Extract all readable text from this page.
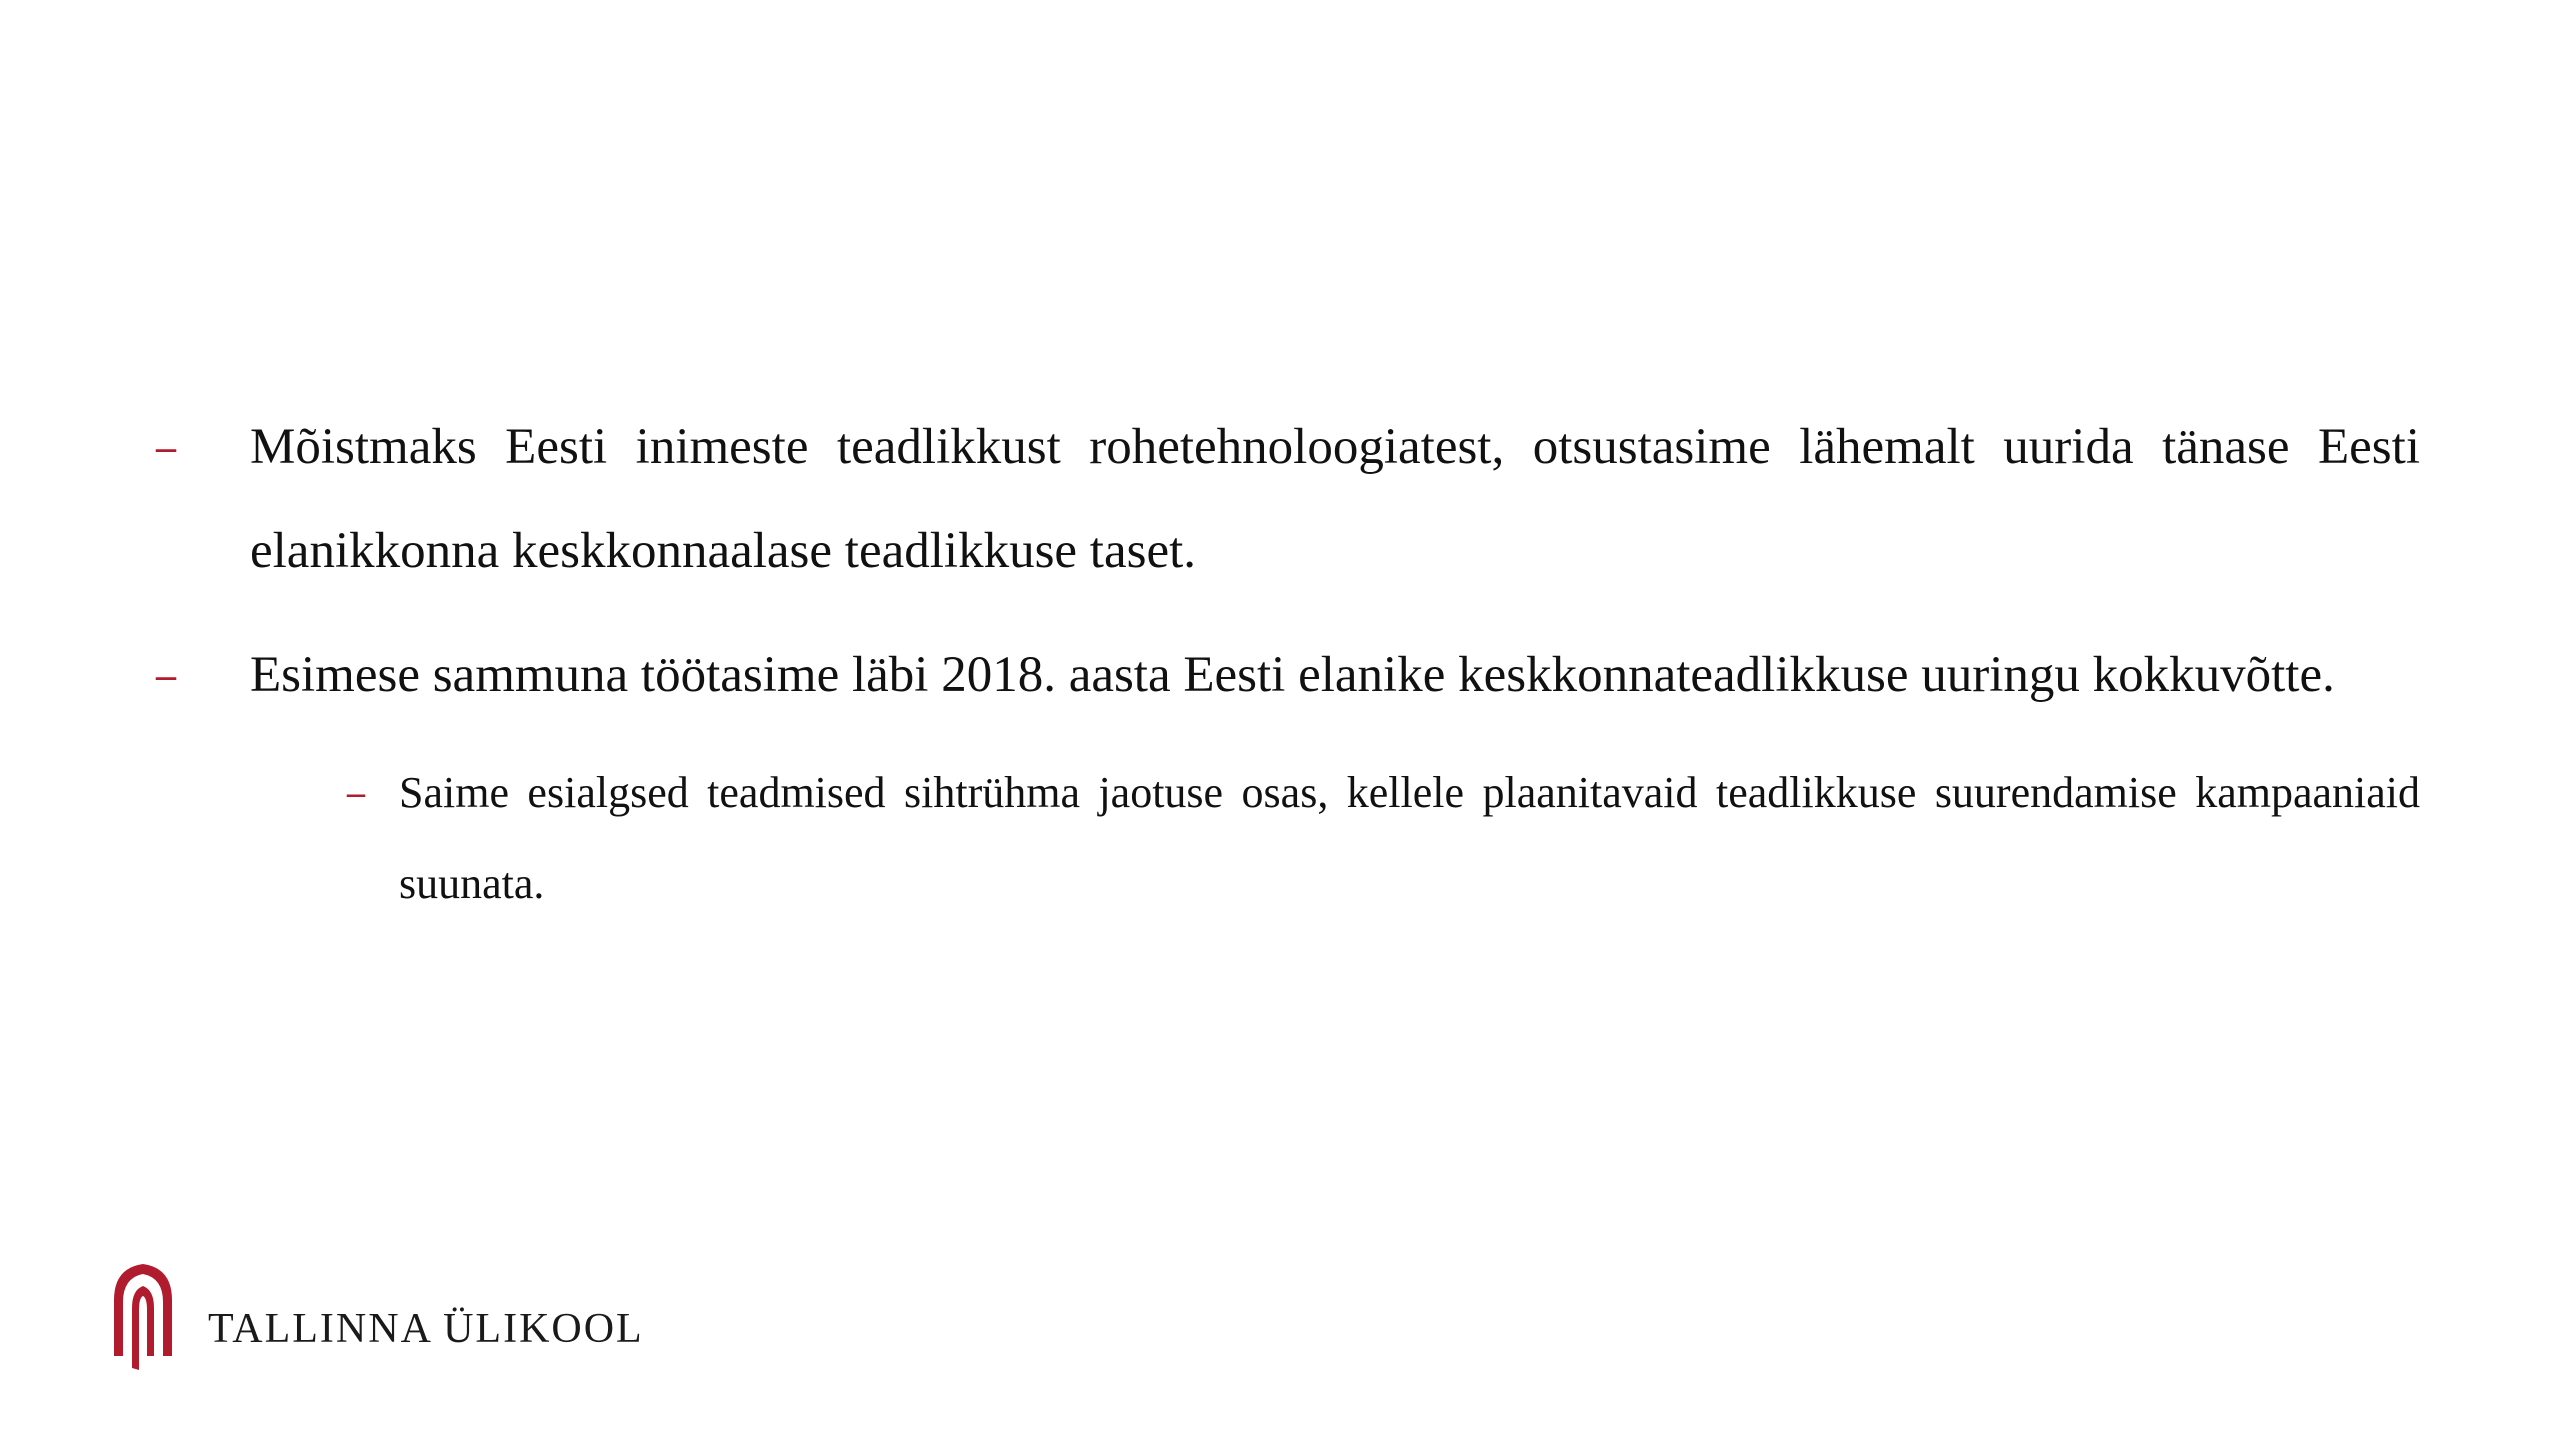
– Mõistmaks Eesti inimeste teadlikkust rohetehnoloogiatest, otsustasime lähemalt uurida tänase Eesti elanikkonna keskkonnaalase teadlikkuse taset.
– Esimese sammuna töötasime läbi 2018. aasta Eesti elanike keskkonnateadlikkuse uuringu kokkuvõtte.
– Saime esialgsed teadmised sihtrühma jaotuse osas, kellele plaanitavaid teadlikkuse suurendamise kampaaniaid suunata.
TALLINNA ÜLIKOOL
